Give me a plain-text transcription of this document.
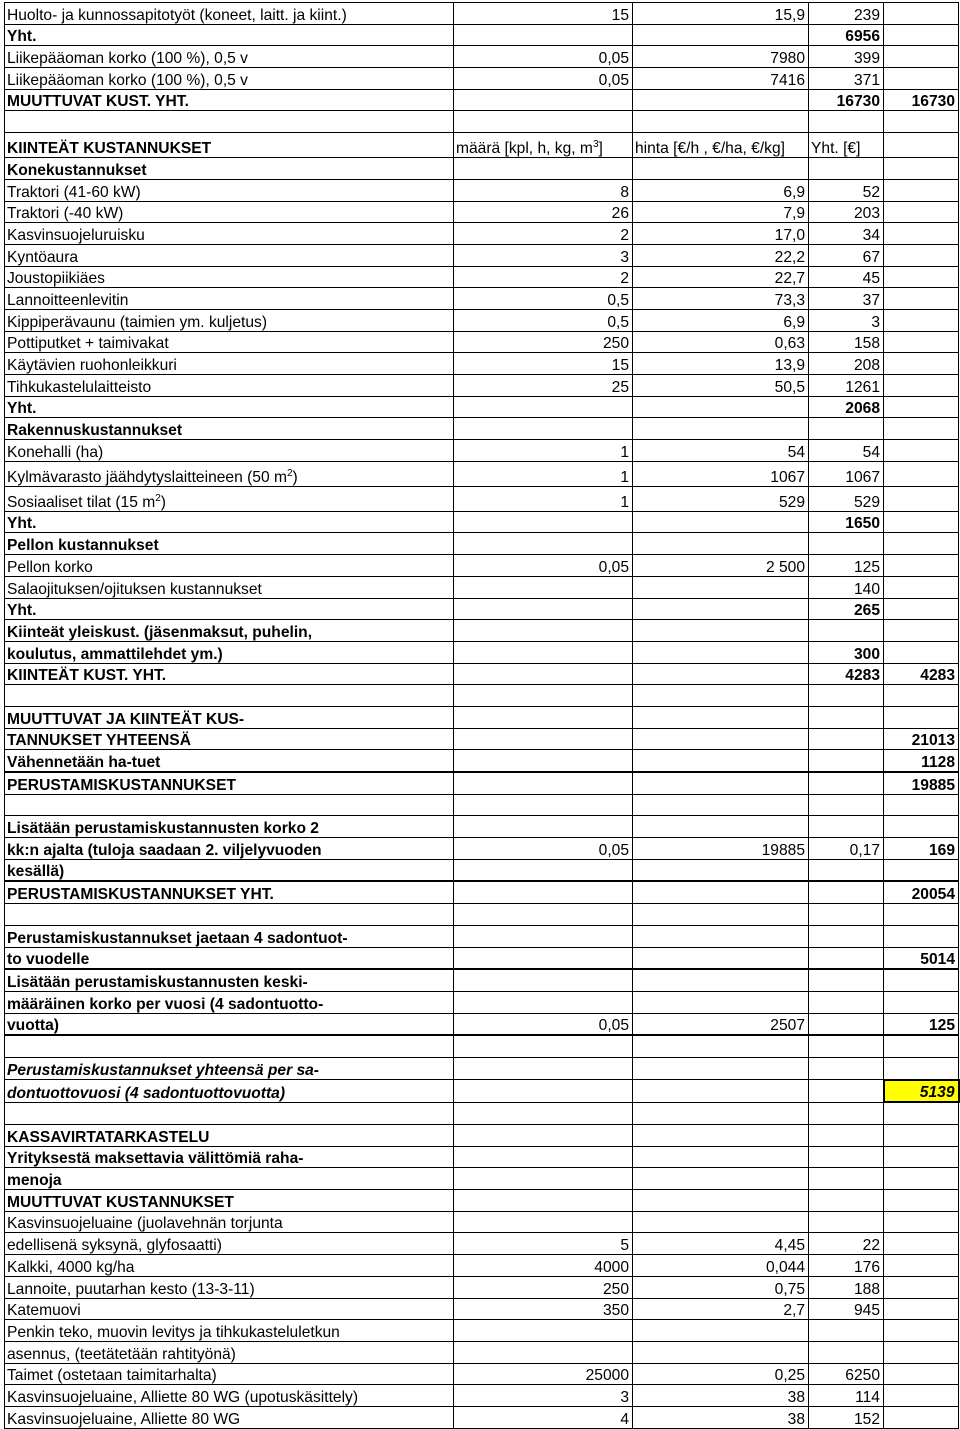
Huolto- ja kunnossapitotyöt (koneet, laitt. ja kiint.)	15	15,9	239	
Yht.			6956	
Liikepääoman korko (100 %), 0,5 v	0,05	7980	399	
Liikepääoman korko (100 %), 0,5 v	0,05	7416	371	
MUUTTUVAT KUST. YHT.			16730	16730

KIINTEÄT KUSTANNUKSET	määrä [kpl, h, kg, $m^3$]	hinta [€/h , €/ha, €/kg]	Yht. [€]	
Konekustannukset				
Traktori (41-60 kW)	8	6,9	52	
Traktori (-40 kW)	26	7,9	203	
Kasvinsuojeluruisku	2	17,0	34	
Kyntöaura	3	22,2	67	
Joustopiikiäes	2	22,7	45	
Lannoitteenlevitin	0,5	73,3	37	
Kippiperävaunu (taimien ym. kuljetus)	0,5	6,9	3	
Pottiputket + taimivakat	250	0,63	158	
Käytävien ruohonleikkuri	15	13,9	208	
Tihkukastelulaitteisto	25	50,5	1261	
Yht.			2068	
Rakennuskustannukset				
Konehalli (ha)	1	54	54	
Kylmävarasto jäähdytyslaitteineen (50 $m^2$)	1	1067	1067	
Sosiaaliset tilat (15 $m^2$)	1	529	529	
Yht.			1650	
Pellon kustannukset				
Pellon korko	0,05	2 500	125	
Salaojituksen/ojituksen kustannukset			140	
Yht.			265	
Kiinteät yleiskust. (jäsenmaksut, puhelin,				
koulutus, ammattilehdet ym.)			300	
KIINTEÄT KUST. YHT.			4283	4283

MUUTTUVAT JA KIINTEÄT KUS-				
TANNUKSET YHTEENSÄ				21013
Vähennetään ha-tuet				1128
PERUSTAMISKUSTANNUKSET				19885

Lisätään perustamiskustannusten korko 2				
kk:n ajalta (tuloja saadaan 2. viljelyvuoden	0,05	19885	0,17	169
kesällä)				
PERUSTAMISKUSTANNUKSET YHT.				20054

Perustamiskustannukset jaetaan 4 sadontuot-				
to vuodelle				5014
Lisätään perustamiskustannusten keski-				
määräinen korko per vuosi (4 sadontuotto-				
vuotta)	0,05	2507		125

Perustamiskustannukset yhteensä per sa-				
dontuottovuosi (4 sadontuottovuotta)				5139

KASSAVIRTATARKASTELU				
Yrityksestä maksettavia välittömiä raha-				
menoja				
MUUTTUVAT KUSTANNUKSET				
Kasvinsuojeluaine (juolavehnän torjunta				
edellisenä syksynä, glyfosaatti)	5	4,45	22	
Kalkki, 4000 kg/ha	4000	0,044	176	
Lannoite, puutarhan kesto (13-3-11)	250	0,75	188	
Katemuovi	350	2,7	945	
Penkin teko, muovin levitys ja tihkukasteluletkun				
asennus, (teetätetään rahtityönä)				
Taimet (ostetaan taimitarhalta)	25000	0,25	6250	
Kasvinsuojeluaine, Alliette 80 WG (upotuskäsittely)	3	38	114	
Kasvinsuojeluaine, Alliette 80 WG	4	38	152	
